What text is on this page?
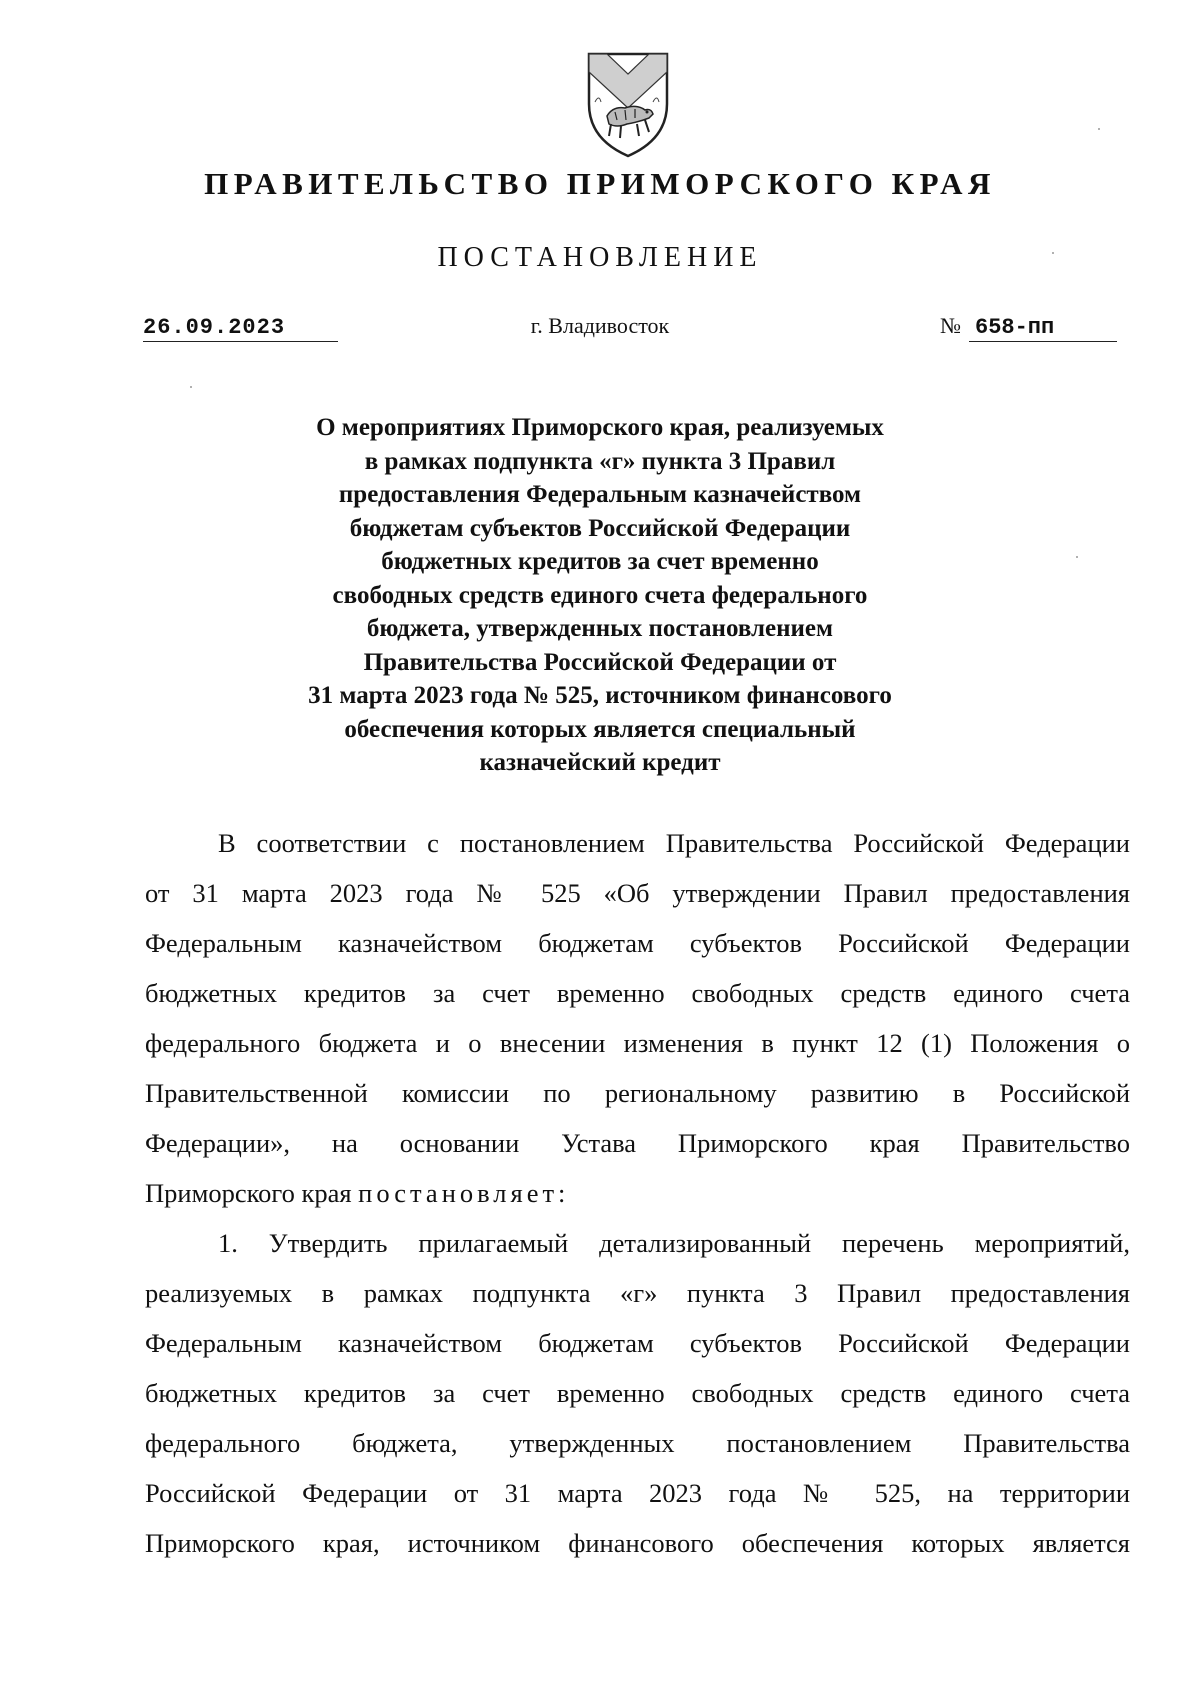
ПРАВИТЕЛЬСТВО ПРИМОРСКОГО КРАЯ
ПОСТАНОВЛЕНИЕ
26.09.2023	г. Владивосток	№ 658-пп
О мероприятиях Приморского края, реализуемых
в рамках подпункта «г» пункта 3 Правил
предоставления Федеральным казначейством
бюджетам субъектов Российской Федерации
бюджетных кредитов за счет временно
свободных средств единого счета федерального
бюджета, утвержденных постановлением
Правительства Российской Федерации от
31 марта 2023 года № 525, источником финансового
обеспечения которых является специальный
казначейский кредит
В соответствии с постановлением Правительства Российской Федерации
от 31 марта 2023 года № 525 «Об утверждении Правил предоставления
Федеральным казначейством бюджетам субъектов Российской Федерации
бюджетных кредитов за счет временно свободных средств единого счета
федерального бюджета и о внесении изменения в пункт 12 (1) Положения о
Правительственной комиссии по региональному развитию в Российской
Федерации», на основании Устава Приморского края Правительство
Приморского края постановляет:
1. Утвердить прилагаемый детализированный перечень мероприятий,
реализуемых в рамках подпункта «г» пункта 3 Правил предоставления
Федеральным казначейством бюджетам субъектов Российской Федерации
бюджетных кредитов за счет временно свободных средств единого счета
федерального бюджета, утвержденных постановлением Правительства
Российской Федерации от 31 марта 2023 года № 525, на территории
Приморского края, источником финансового обеспечения которых является
